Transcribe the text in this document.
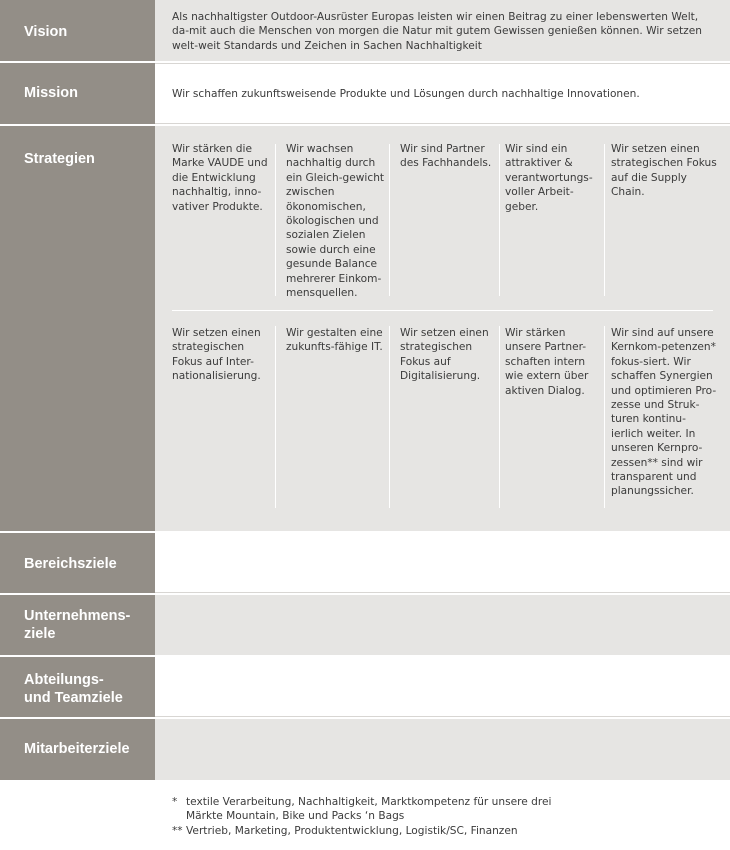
Vision
Als nachhaltigster Outdoor-Ausrüster Europas leisten wir einen Beitrag zu einer lebenswerten Welt, da-mit auch die Menschen von morgen die Natur mit gutem Gewissen genießen können. Wir setzen welt-weit Standards und Zeichen in Sachen Nachhaltigkeit
Mission	Wir schaffen zukunftsweisende Produkte und Lösungen durch nachhaltige Innovationen.
Strategien
Wir stärken die Marke VAUDE und die Entwicklung nachhaltig, inno-vativer Produkte.
Wir wachsen nachhaltig durch ein Gleich-gewicht zwischen ökonomischen, ökologischen und sozialen Zielen sowie durch eine gesunde Balance mehrerer Einkom-mensquellen.
Wir sind Partner des Fachhandels.
Wir sind ein attraktiver & verantwortungs-voller Arbeit-geber.
Wir setzen einen strategischen Fokus auf die Supply Chain.
Wir setzen einen strategischen Fokus auf Inter-nationalisierung.
Wir gestalten eine zukunfts-fähige IT.
Wir setzen einen strategischen Fokus auf Digitalisierung.
Wir stärken unsere Partner-schaften intern wie extern über aktiven Dialog.
Wir sind auf unsere Kernkom-petenzen* fokus-siert. Wir schaffen Synergien und optimieren Pro-zesse und Struk-turen kontinu-ierlich weiter. In unseren Kernpro-zessen** sind wir transparent und planungssicher.
Bereichsziele
Unternehmens-
ziele
Abteilungs-
und Teamziele
Mitarbeiterziele
* textile Verarbeitung, Nachhaltigkeit, Marktkompetenz für unsere drei
Märkte Mountain, Bike und Packs ‘n Bags
** Vertrieb, Marketing, Produktentwicklung, Logistik/SC, Finanzen
